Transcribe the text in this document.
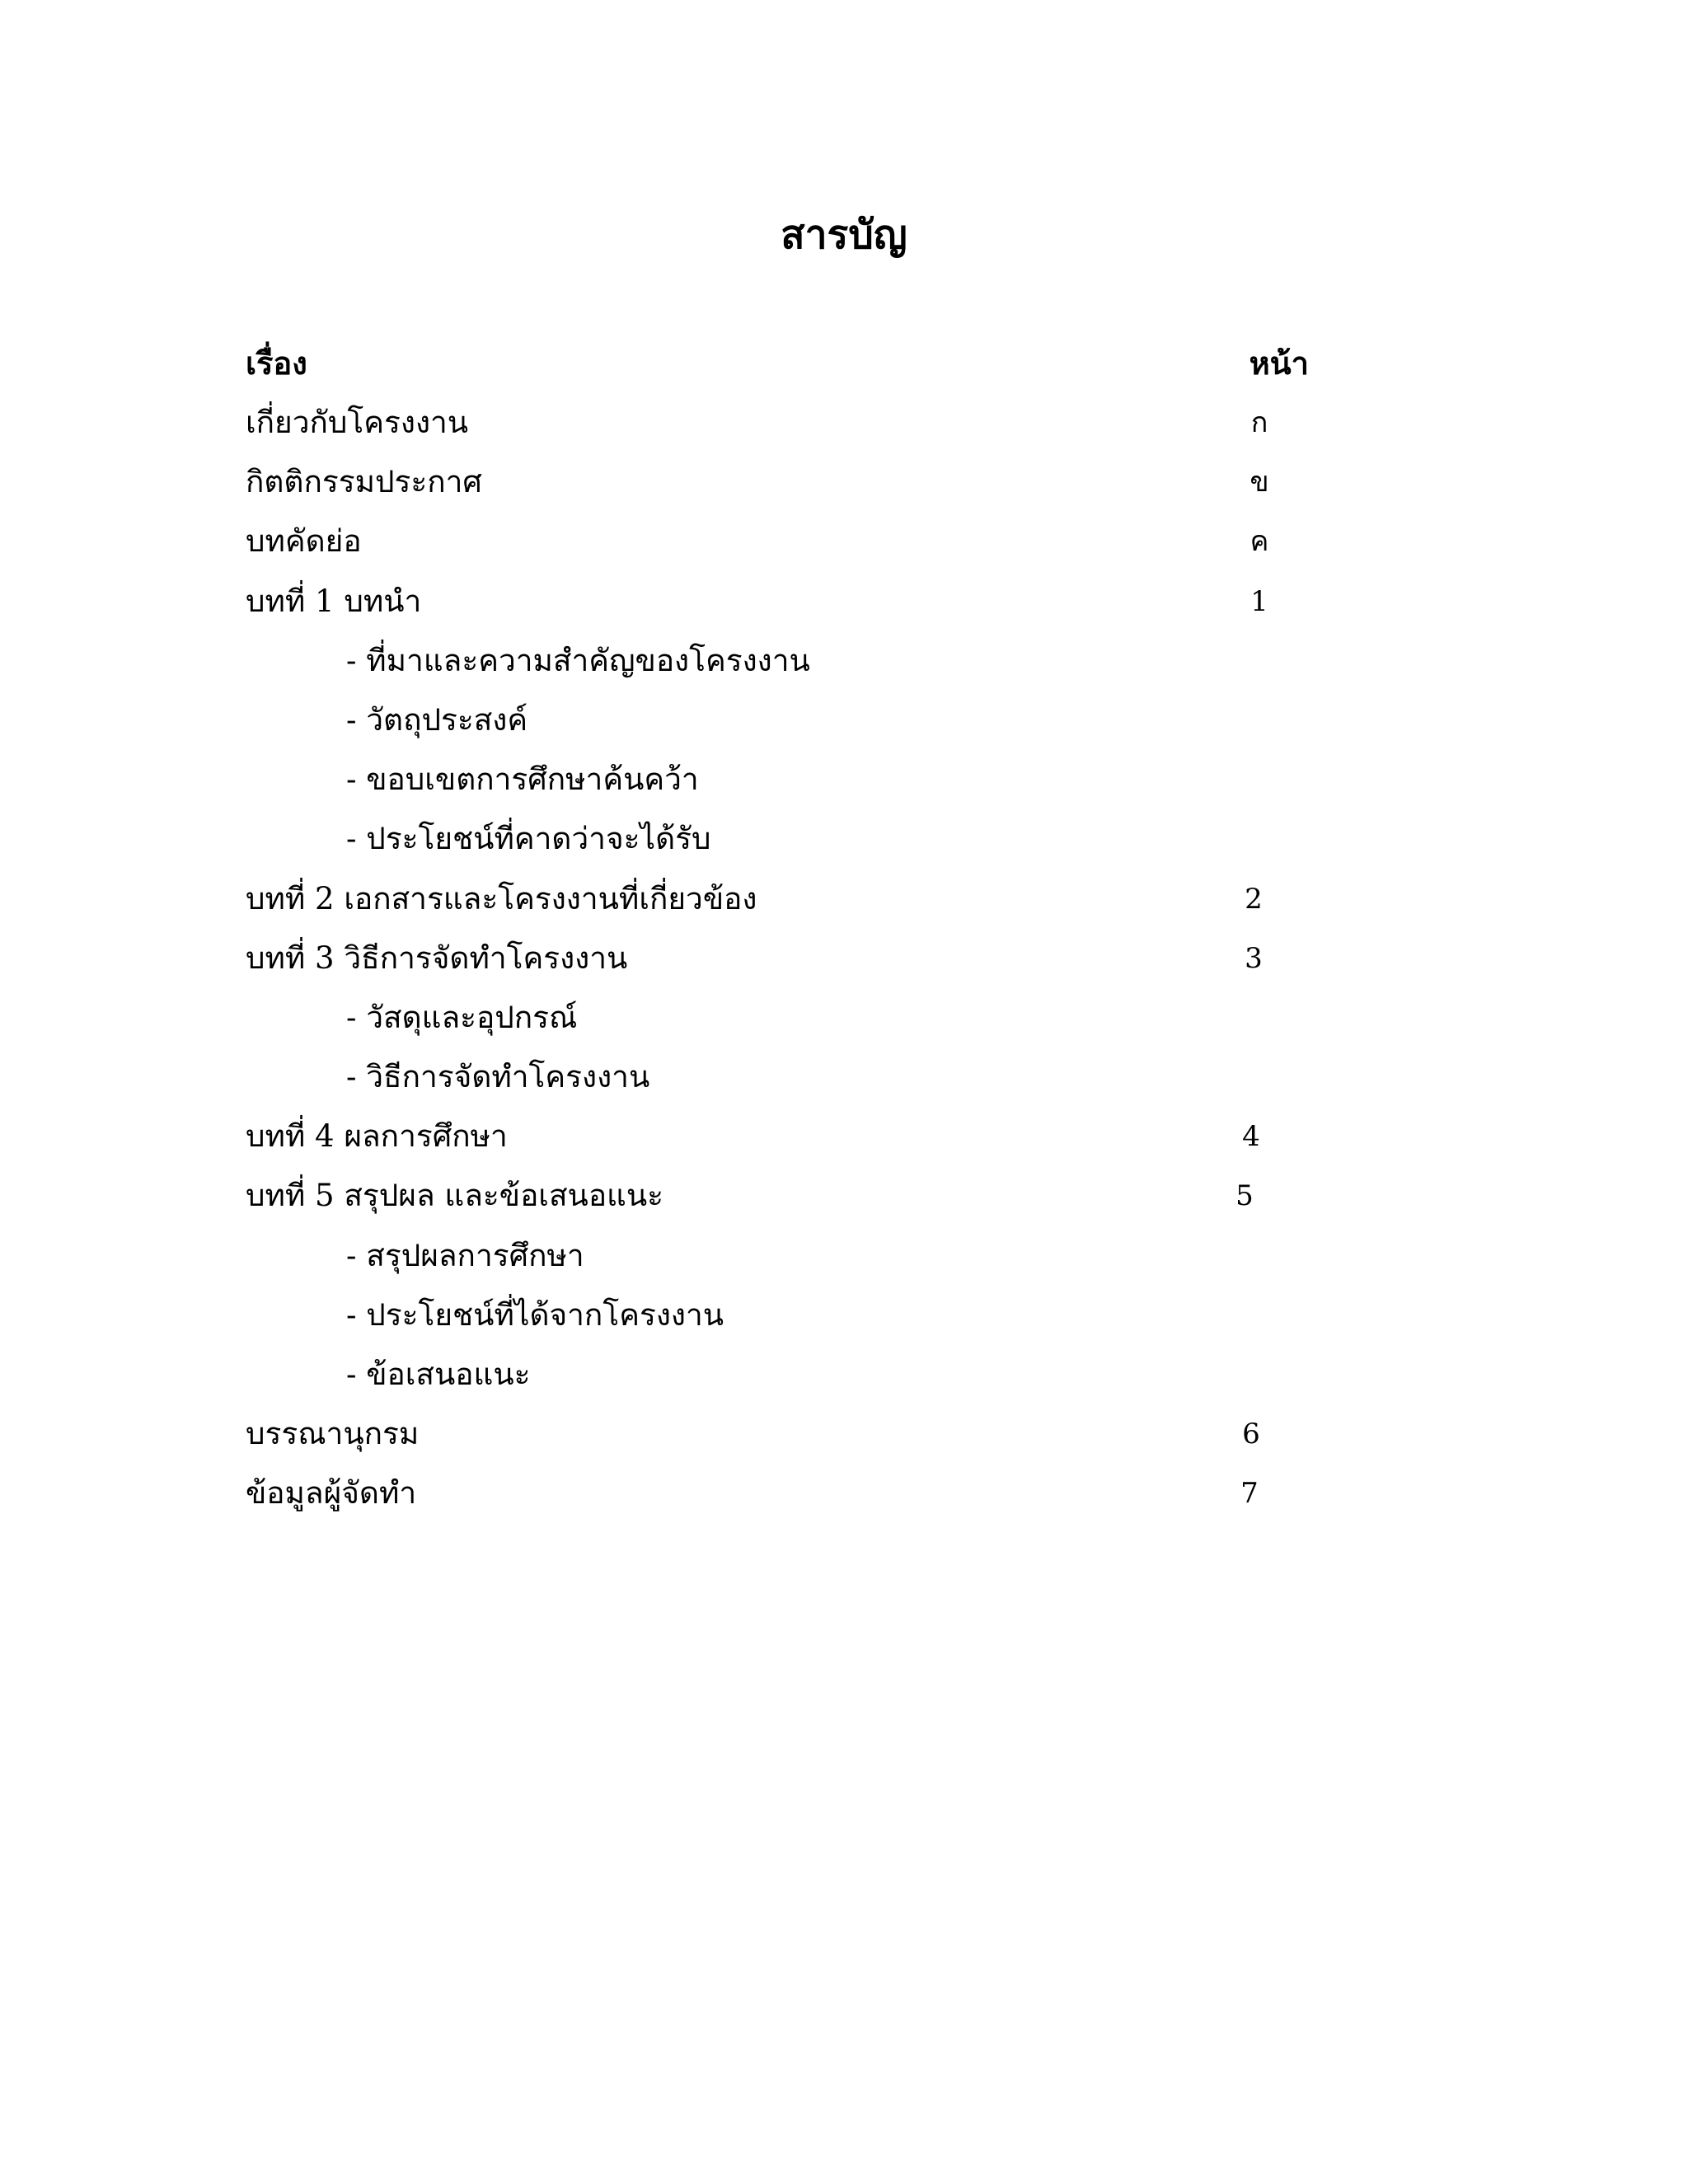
สารบัญ
เรื่อง	หน้า
เกี่ยวกับโครงงาน	ก
กิตติกรรมประกาศ	ข
บทคัดย่อ	ค
บทที่ 1 บทนำ	1
- ที่มาและความสำคัญของโครงงาน
- วัตถุประสงค์
- ขอบเขตการศึกษาค้นคว้า
- ประโยชน์ที่คาดว่าจะได้รับ
บทที่ 2 เอกสารและโครงงานที่เกี่ยวข้อง	2
บทที่ 3 วิธีการจัดทำโครงงาน	3
- วัสดุและอุปกรณ์
- วิธีการจัดทำโครงงาน
บทที่ 4 ผลการศึกษา	4
บทที่ 5 สรุปผล และข้อเสนอแนะ	5
- สรุปผลการศึกษา
- ประโยชน์ที่ได้จากโครงงาน
- ข้อเสนอแนะ
บรรณานุกรม	6
ข้อมูลผู้จัดทำ	7
